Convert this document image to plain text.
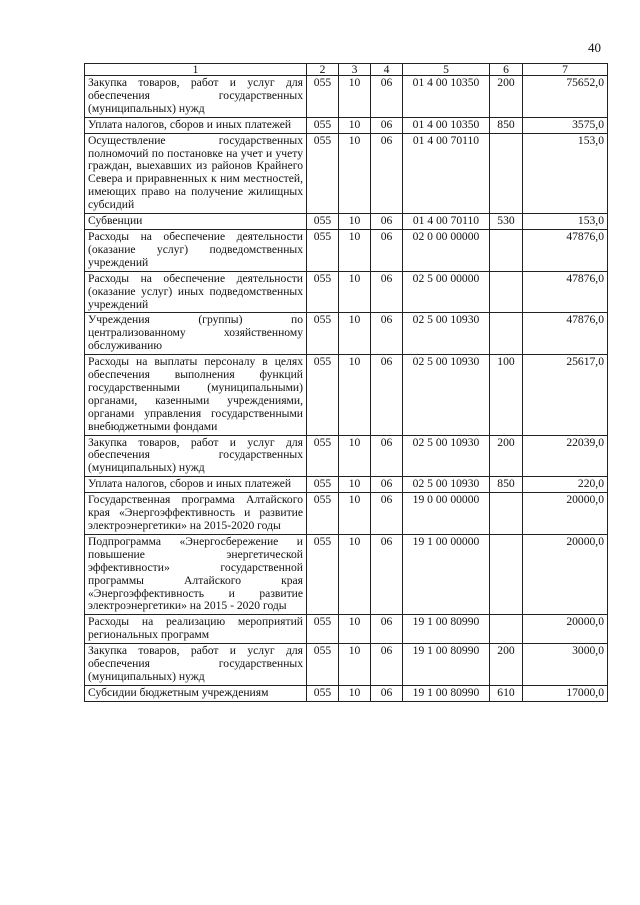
40
1	2	3	4	5	6	7
Закупка товаров, работ и услуг для обеспечения государственных (муниципальных) нужд	055	10	06	01 4 00 10350	200	75652,0
Уплата налогов, сборов и иных платежей	055	10	06	01 4 00 10350	850	3575,0
Осуществление государственных полномочий по постановке на учет и учету граждан, выехавших из районов Крайнего Севера и приравненных к ним местностей, имеющих право на получение жилищных субсидий	055	10	06	01 4 00 70110		153,0
Субвенции	055	10	06	01 4 00 70110	530	153,0
Расходы на обеспечение деятельности (оказание услуг) подведомственных учреждений	055	10	06	02 0 00 00000		47876,0
Расходы на обеспечение деятельности (оказание услуг) иных подведомственных учреждений	055	10	06	02 5 00 00000		47876,0
Учреждения (группы) по централизованному хозяйственному обслуживанию	055	10	06	02 5 00 10930		47876,0
Расходы на выплаты персоналу в целях обеспечения выполнения функций государственными (муниципальными) органами, казенными учреждениями, органами управления государственными внебюджетными фондами	055	10	06	02 5 00 10930	100	25617,0
Закупка товаров, работ и услуг для обеспечения государственных (муниципальных) нужд	055	10	06	02 5 00 10930	200	22039,0
Уплата налогов, сборов и иных платежей	055	10	06	02 5 00 10930	850	220,0
Государственная программа Алтайского края «Энергоэффективность и развитие электроэнергетики» на 2015-2020 годы	055	10	06	19 0 00 00000		20000,0
Подпрограмма «Энергосбережение и повышение энергетической эффективности» государственной программы Алтайского края «Энергоэффективность и развитие электроэнергетики» на 2015 - 2020 годы	055	10	06	19 1 00 00000		20000,0
Расходы на реализацию мероприятий региональных программ	055	10	06	19 1 00 80990		20000,0
Закупка товаров, работ и услуг для обеспечения государственных (муниципальных) нужд	055	10	06	19 1 00 80990	200	3000,0
Субсидии бюджетным учреждениям	055	10	06	19 1 00 80990	610	17000,0
